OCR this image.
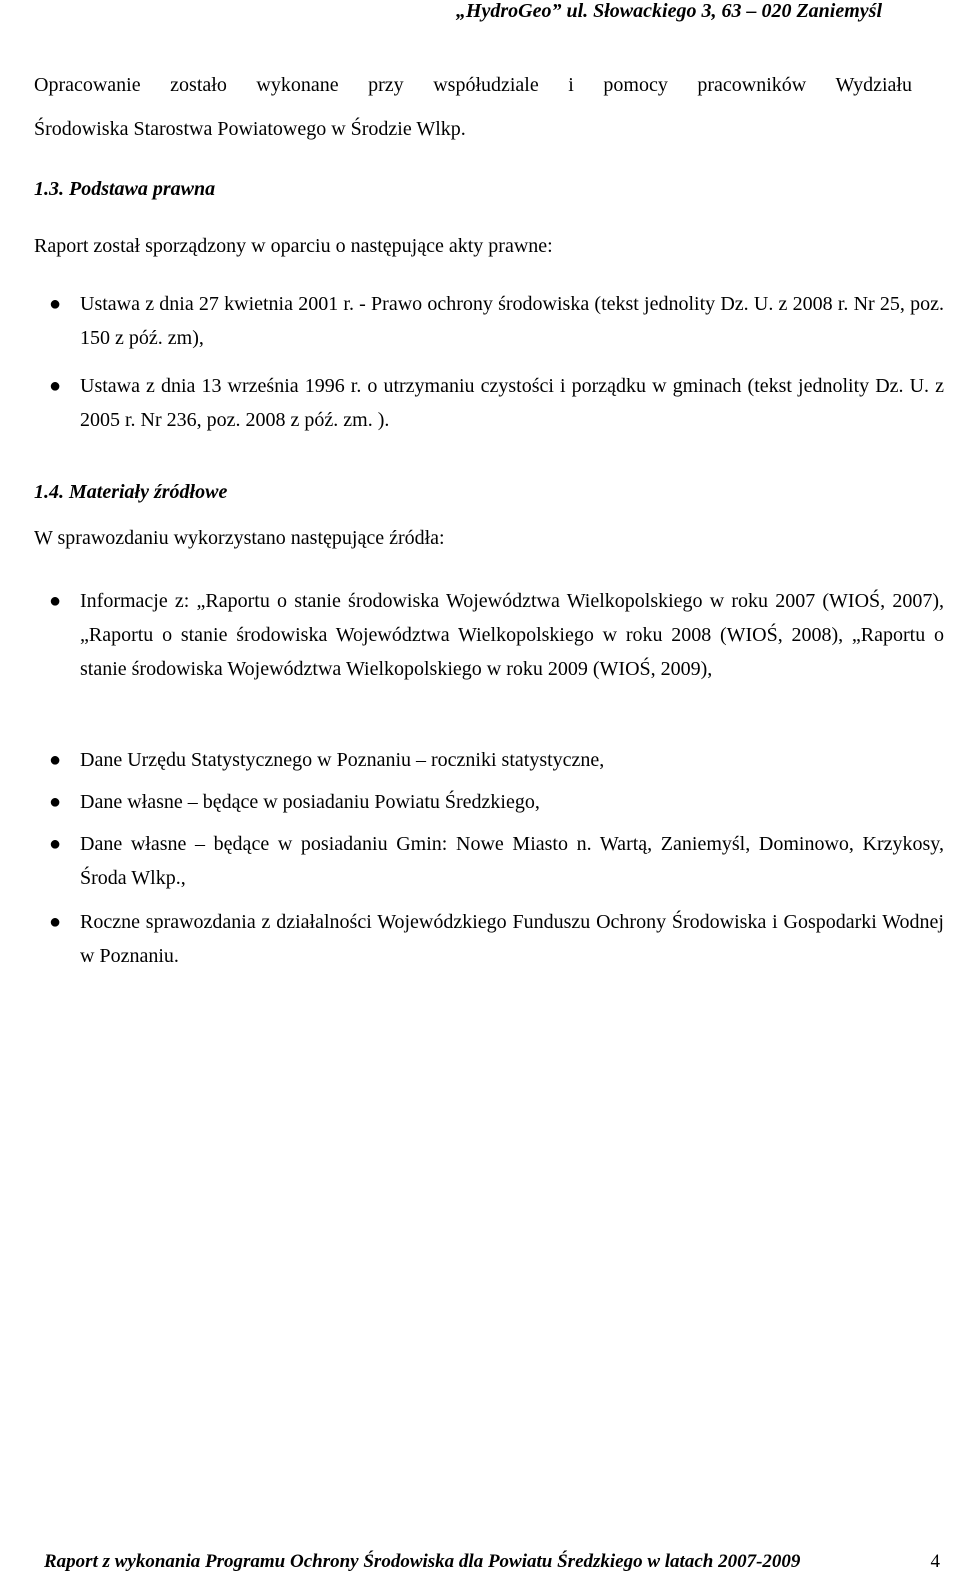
„HydroGeo” ul. Słowackiego 3, 63 – 020 Zaniemyśl
Opracowanie zostało wykonane przy współudziale i pomocy pracowników Wydziału
Środowiska Starostwa Powiatowego w Środzie Wlkp.
1.3. Podstawa prawna
Raport został sporządzony w oparciu o następujące akty prawne:
● Ustawa z dnia 27 kwietnia 2001 r. - Prawo ochrony środowiska (tekst jednolity Dz. U. z 2008 r. Nr 25, poz. 150 z póź. zm),
● Ustawa z dnia 13 września 1996 r. o utrzymaniu czystości i porządku w gminach (tekst jednolity Dz. U. z 2005 r. Nr 236, poz. 2008 z póź. zm. ).
1.4. Materiały źródłowe
W sprawozdaniu wykorzystano następujące źródła:
● Informacje z: „Raportu o stanie środowiska Województwa Wielkopolskiego w roku 2007 (WIOŚ, 2007), „Raportu o stanie środowiska Województwa Wielkopolskiego w roku 2008 (WIOŚ, 2008), „Raportu o stanie środowiska Województwa Wielkopolskiego w roku 2009 (WIOŚ, 2009),
● Dane Urzędu Statystycznego w Poznaniu – roczniki statystyczne,
● Dane własne – będące w posiadaniu Powiatu Średzkiego,
● Dane własne – będące w posiadaniu Gmin: Nowe Miasto n. Wartą, Zaniemyśl, Dominowo, Krzykosy, Środa Wlkp.,
● Roczne sprawozdania z działalności Wojewódzkiego Funduszu Ochrony Środowiska i Gospodarki Wodnej w Poznaniu.
Raport z wykonania Programu Ochrony Środowiska dla Powiatu Średzkiego w latach 2007-2009	4
